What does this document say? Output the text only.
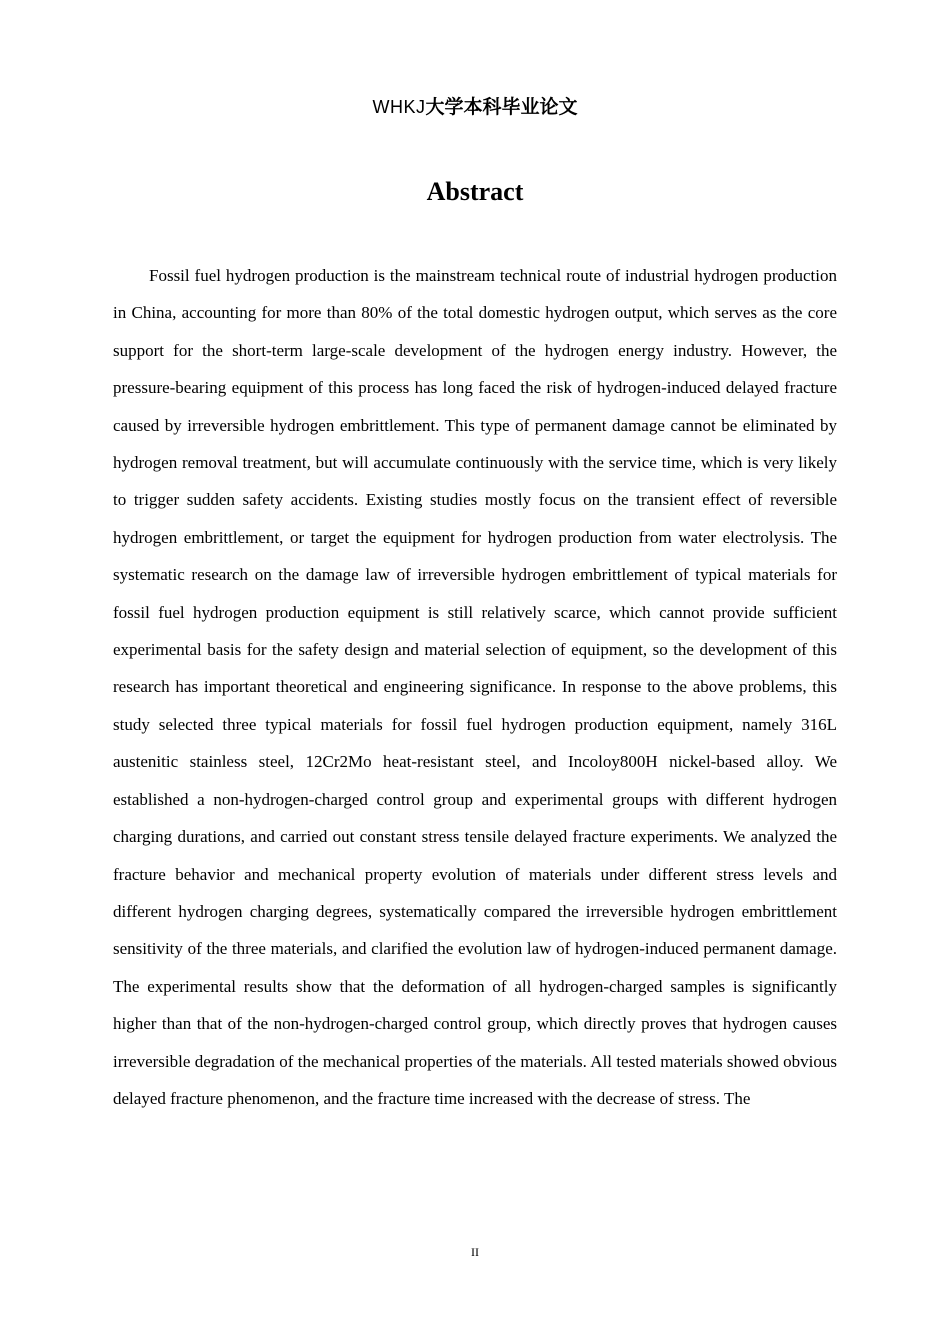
WHKJ大学本科毕业论文
Abstract

Fossil fuel hydrogen production is the mainstream technical route of industrial hydrogen production in China, accounting for more than 80% of the total domestic hydrogen output, which serves as the core support for the short-term large-scale development of the hydrogen energy industry. However, the pressure-bearing equipment of this process has long faced the risk of hydrogen-induced delayed fracture caused by irreversible hydrogen embrittlement. This type of permanent damage cannot be eliminated by hydrogen removal treatment, but will accumulate continuously with the service time, which is very likely to trigger sudden safety accidents. Existing studies mostly focus on the transient effect of reversible hydrogen embrittlement, or target the equipment for hydrogen production from water electrolysis. The systematic research on the damage law of irreversible hydrogen embrittlement of typical materials for fossil fuel hydrogen production equipment is still relatively scarce, which cannot provide sufficient experimental basis for the safety design and material selection of equipment, so the development of this research has important theoretical and engineering significance. In response to the above problems, this study selected three typical materials for fossil fuel hydrogen production equipment, namely 316L austenitic stainless steel, 12Cr2Mo heat-resistant steel, and Incoloy800H nickel-based alloy. We established a non-hydrogen-charged control group and experimental groups with different hydrogen charging durations, and carried out constant stress tensile delayed fracture experiments. We analyzed the fracture behavior and mechanical property evolution of materials under different stress levels and different hydrogen charging degrees, systematically compared the irreversible hydrogen embrittlement sensitivity of the three materials, and clarified the evolution law of hydrogen-induced permanent damage. The experimental results show that the deformation of all hydrogen-charged samples is significantly higher than that of the non-hydrogen-charged control group, which directly proves that hydrogen causes irreversible degradation of the mechanical properties of the materials. All tested materials showed obvious delayed fracture phenomenon, and the fracture time increased with the decrease of stress. The

II
